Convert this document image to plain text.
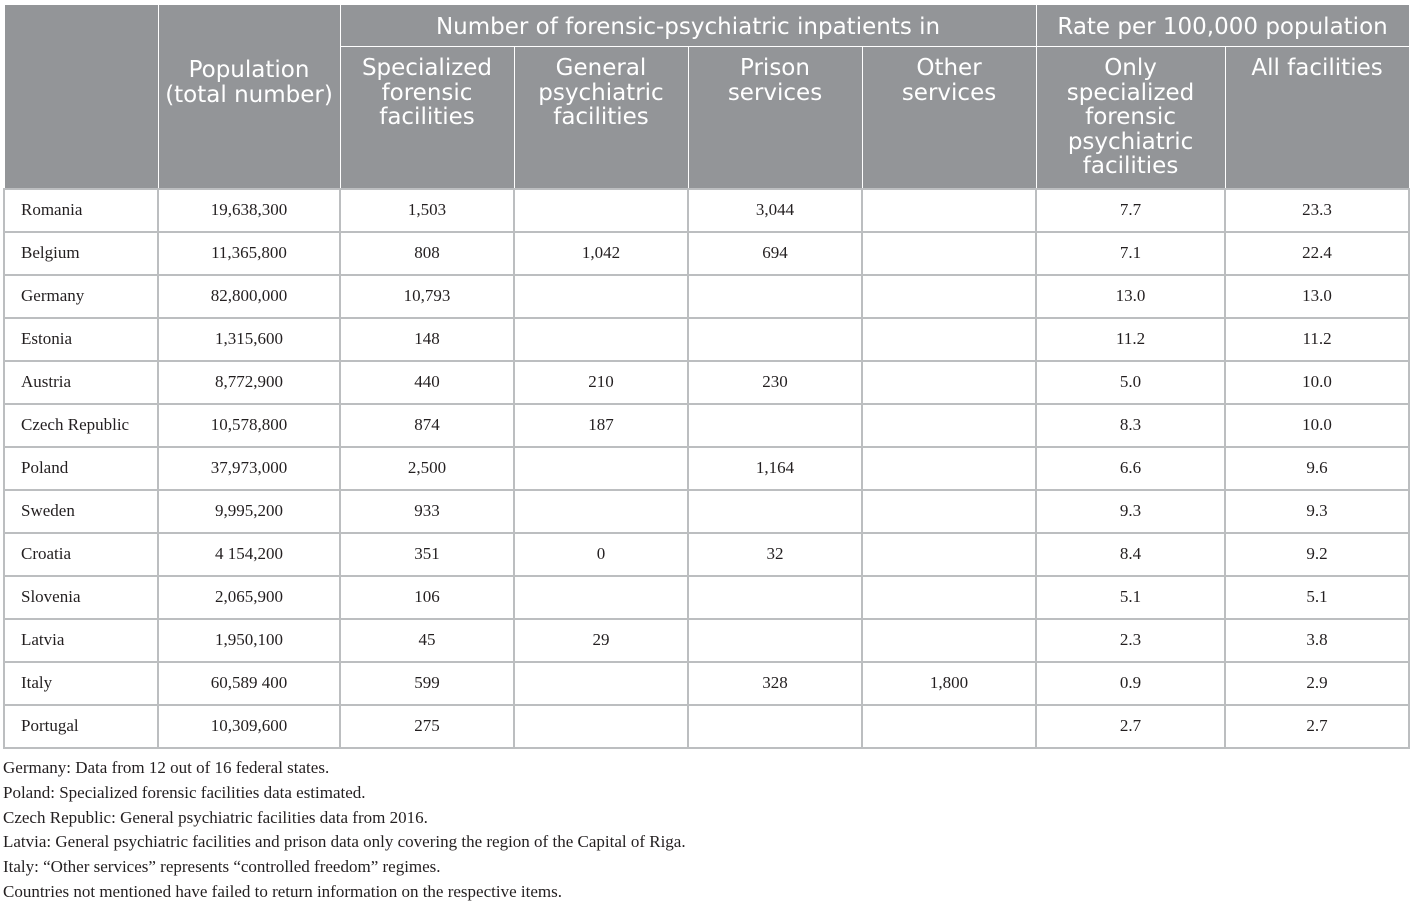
	Population (total number)	Number of forensic-psychiatric inpatients in				Rate per 100,000 population	
		Specialized forensic facilities	General psychiatric facilities	Prison services	Other services	Only specialized forensic psychiatric facilities	All facilities
Romania	19,638,300	1,503		3,044		7.7	23.3
Belgium	11,365,800	808	1,042	694		7.1	22.4
Germany	82,800,000	10,793				13.0	13.0
Estonia	1,315,600	148				11.2	11.2
Austria	8,772,900	440	210	230		5.0	10.0
Czech Republic	10,578,800	874	187			8.3	10.0
Poland	37,973,000	2,500		1,164		6.6	9.6
Sweden	9,995,200	933				9.3	9.3
Croatia	4 154,200	351	0	32		8.4	9.2
Slovenia	2,065,900	106				5.1	5.1
Latvia	1,950,100	45	29			2.3	3.8
Italy	60,589 400	599		328	1,800	0.9	2.9
Portugal	10,309,600	275				2.7	2.7
Germany: Data from 12 out of 16 federal states.
Poland: Specialized forensic facilities data estimated.
Czech Republic: General psychiatric facilities data from 2016.
Latvia: General psychiatric facilities and prison data only covering the region of the Capital of Riga.
Italy: “Other services” represents “controlled freedom” regimes.
Countries not mentioned have failed to return information on the respective items.
